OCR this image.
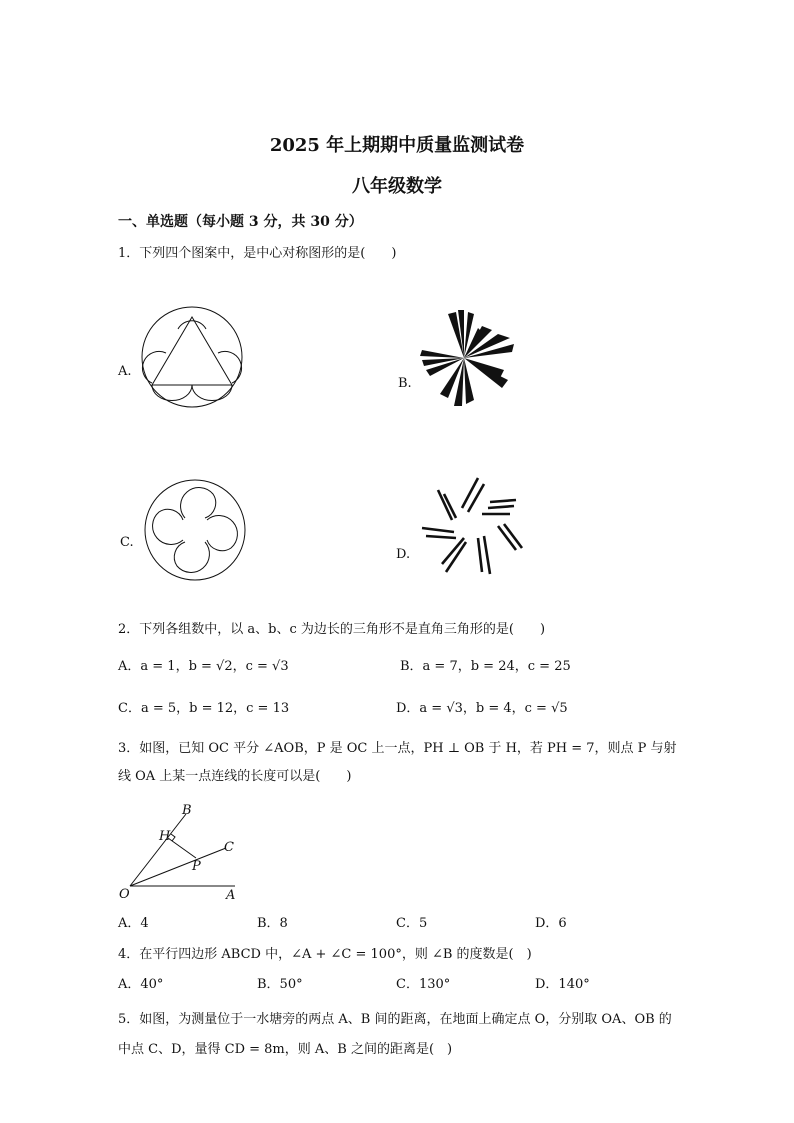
2025 年上期期中质量监测试卷
八年级数学
一、单选题（每小题 3 分，共 30 分）
1．下列四个图案中，是中心对称图形的是(　　)
A.
B.
C.
D.
2．下列各组数中，以 a、b、c 为边长的三角形不是直角三角形的是(　　)
A．a = 1，b = √2，c = √3	B．a = 7，b = 24，c = 25
C．a = 5，b = 12，c = 13	D．a = √3，b = 4，c = √5
3．如图，已知 OC 平分 ∠AOB，P 是 OC 上一点，PH ⊥ OB 于 H，若 PH = 7，则点 P 与射
线 OA 上某一点连线的长度可以是(　　)
B
H
C
P
O	A
A．4	B．8	C．5	D．6
4．在平行四边形 ABCD 中，∠A + ∠C = 100°，则 ∠B 的度数是(　)
A．40°	B．50°	C．130°	D．140°
5．如图，为测量位于一水塘旁的两点 A、B 间的距离，在地面上确定点 O，分别取 OA、OB 的
中点 C、D，量得 CD = 8m，则 A、B 之间的距离是(　)
